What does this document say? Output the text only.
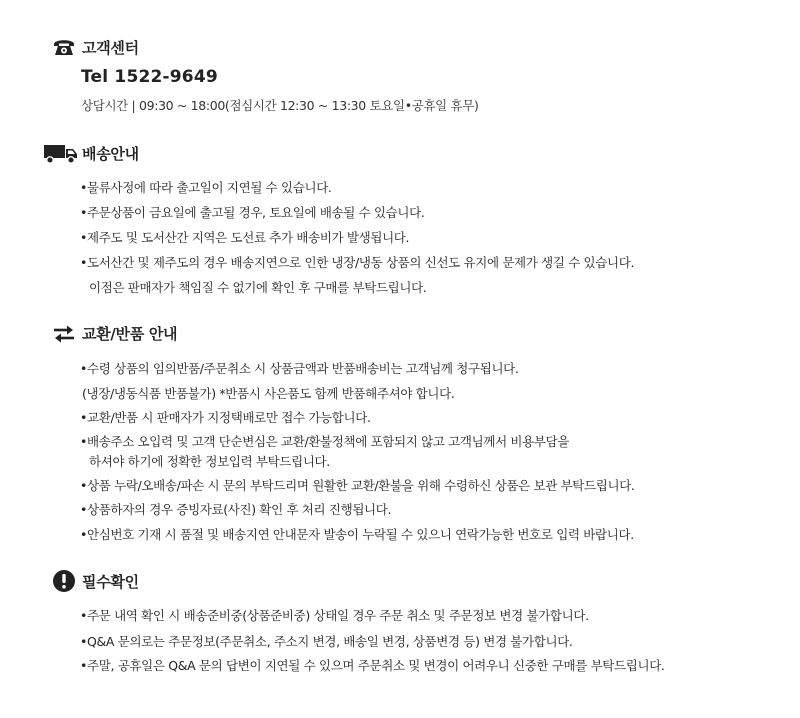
고객센터
Tel 1522-9649
상담시간 | 09:30 ~ 18:00(점심시간 12:30 ~ 13:30 토요일•공휴일 휴무)
배송안내
•물류사정에 따라 출고일이 지연될 수 있습니다.
•주문상품이 금요일에 출고될 경우, 토요일에 배송될 수 있습니다.
•제주도 및 도서산간 지역은 도선료 추가 배송비가 발생됩니다.
•도서산간 및 제주도의 경우 배송지연으로 인한 냉장/냉동 상품의 신선도 유지에 문제가 생길 수 있습니다.
이점은 판매자가 책임질 수 없기에 확인 후 구매를 부탁드립니다.
교환/반품 안내
•수령 상품의 임의반품/주문취소 시 상품금액과 반품배송비는 고객님께 청구됩니다.
(냉장/냉동식품 반품불가) *반품시 사은품도 함께 반품해주셔야 합니다.
•교환/반품 시 판매자가 지정택배로만 접수 가능합니다.
•배송주소 오입력 및 고객 단순변심은 교환/환불정책에 포함되지 않고 고객님께서 비용부담을
하셔야 하기에 정확한 정보입력 부탁드립니다.
•상품 누락/오배송/파손 시 문의 부탁드리며 원활한 교환/환불을 위해 수령하신 상품은 보관 부탁드립니다.
•상품하자의 경우 증빙자료(사진) 확인 후 처리 진행됩니다.
•안심번호 기재 시 품절 및 배송지연 안내문자 발송이 누락될 수 있으니 연락가능한 번호로 입력 바랍니다.
필수확인
•주문 내역 확인 시 배송준비중(상품준비중) 상태일 경우 주문 취소 및 주문정보 변경 불가합니다.
•Q&A 문의로는 주문정보(주문취소, 주소지 변경, 배송일 변경, 상품변경 등) 변경 불가합니다.
•주말, 공휴일은 Q&A 문의 답변이 지연될 수 있으며 주문취소 및 변경이 어려우니 신중한 구매를 부탁드립니다.
